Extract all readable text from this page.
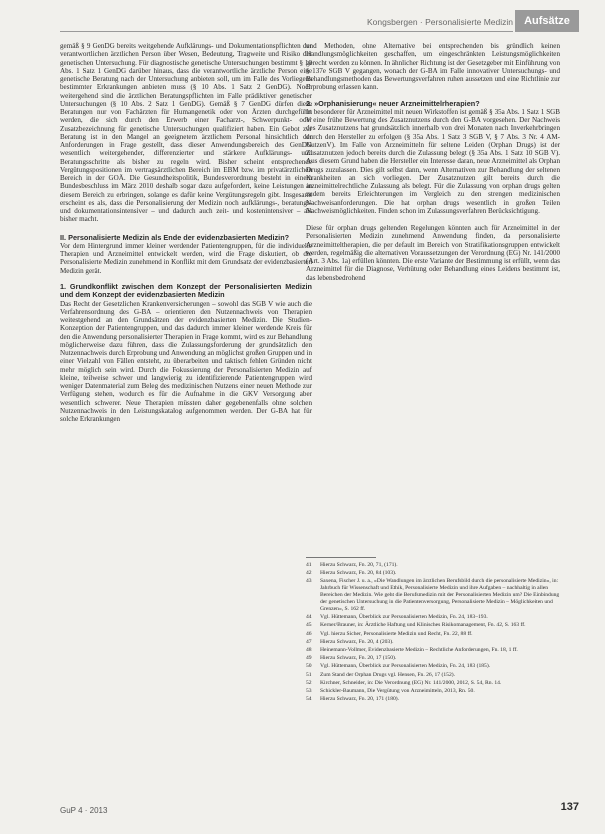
Kongsbergen · Personalisierte Medizin	Aufsätze

gemäß § 9 GenDG bereits weitgehende Aufklärungs- und Dokumentationspflichten der verantwortlichen ärztlichen Person über Wesen, Bedeutung, Tragweite und Risiko der genetischen Untersuchung. Für diagnostische genetische Untersuchungen bestimmt § 10 Abs. 1 Satz 1 GenDG darüber hinaus, dass die verantwortliche ärztliche Person eine genetische Beratung nach der Untersuchung anbieten soll, um im Falle des Vorliegens bestimmter Erkrankungen anbieten muss (§ 10 Abs. 1 Satz 2 GenDG). Noch weitergehend sind die ärztlichen Beratungspflichten im Falle prädiktiver genetischer Untersuchungen (§ 10 Abs. 2 Satz 1 GenDG). Gemäß § 7 GenDG dürfen diese Beratungen nur von Fachärzten für Humangenetik oder von Ärzten durchgeführt werden, die sich durch den Erwerb einer Facharzt-, Schwerpunkt- oder Zusatzbezeichnung für genetische Untersuchungen qualifiziert haben. Ein Gebot zur Beratung ist in den Mangel an geeignetem ärztlichem Personal hinsichtlich der Anforderungen in Frage gestellt, dass dieser Anwendungsbereich des GenDG wesentlich weitergehender, differenzierter und stärkere Aufklärungs- und Beratungsschritte als bisher zu regeln wird. Bisher scheint entsprechende Vergütungspositionen im vertragsärztlichen Bereich im EBM bzw. im privatärztlichen Bereich in der GOÄ. Die Gesundheitspolitik, Bundesverordnung besteht in einem Bundesbeschluss im März 2010 deshalb sogar dazu aufgefordert, keine Leistungen in diesem Bereich zu erbringen, solange es dafür keine Vergütungsregeln gibt. Insgesamt erscheint es als, dass die Personalisierung der Medizin noch aufklärungs-, beratungs- und dokumentationsintensiver – und dadurch auch zeit- und kostenintensiver – als bisher macht.

II. Personalisierte Medizin als Ende der evidenzbasierten Medizin?

Vor dem Hintergrund immer kleiner werdender Patientengruppen, für die individuelle Therapien und Arzneimittel entwickelt werden, wird die Frage diskutiert, ob die Personalisierte Medizin zunehmend in Konflikt mit dem Grundsatz der evidenzbasierten Medizin gerät.

1. Grundkonflikt zwischen dem Konzept der Personalisierten Medizin und dem Konzept der evidenzbasierten Medizin

Das Recht der Gesetzlichen Krankenversicherungen – sowohl das SGB V wie auch die Verfahrensordnung des G-BA – orientieren den Nutzennachweis von Therapien weitestgehend an den Grundsätzen der evidenzbasierten Medizin. Die Studien-Konzeption der Patientengruppen, und das dadurch immer kleiner werdende Kreis für den die Anwendung personalisierter Therapien in Frage kommt, wird es zur Behandlung möglicherweise dazu führen, dass die Zulassungsforderung der grundsätzlich den Nutzennachweis durch Erprobung und Anwendung an möglichst großen Gruppen und in einer Vielzahl von Fällen entsteht, zu überarbeiten und taktisch fehlen Gründen nicht mehr möglich sein wird. Durch die Fokussierung der Personalisierten Medizin auf kleine, teilweise schwer und langwierig zu identifizierende Patientengruppen wird weniger Datenmaterial zum Beleg des medizinischen Nutzens einer neuen Methode zur Verfügung stehen, wodurch es für die Aufnahme in die GKV Versorgung aber wesentlich schwerer. Neue Therapien müssten daher gegebenenfalls ohne solchen Nutzennachweis in den Leistungskatalog aufgenommen werden. Der G-BA hat für solche Erkrankungen

und Methoden, ohne Alternative bei entsprechenden bis gründlich keinen Handlungsmöglichkeiten geschaffen, um eingeschränkten Leistungsmöglichkeiten gerecht werden zu können. In ähnlicher Richtung ist der Gesetzgeber mit Einführung von § 137e SGB V gegangen, wonach der G-BA im Falle innovativer Untersuchungs- und Behandlungsmethoden das Bewertungsverfahren ruhen aussetzen und eine Richtlinie zur Erprobung erlassen kann.

2. »Orphanisierung« neuer Arzneimittelrherapien?

In besonderer für Arzneimittel mit neuen Wirkstoffen ist gemäß § 35a Abs. 1 Satz 1 SGB V eine frühe Bewertung des Zusatznutzens durch den G-BA vorgesehen. Der Nachweis des Zusatznutzens hat grundsätzlich innerhalb von drei Monaten nach Inverkehrbringen durch den Hersteller zu erfolgen (§ 35a Abs. 1 Satz 3 SGB V, § 7 Abs. 3 Nr. 4 AM-NutzenV). Im Falle von Arzneimitteln für seltene Leiden (Orphan Drugs) ist der Zusatznutzen jedoch bereits durch die Zulassung belegt (§ 35a Abs. 1 Satz 10 SGB V). Aus diesem Grund haben die Hersteller ein Interesse daran, neue Arzneimittel als Orphan Drugs zuzulassen. Dies gilt selbst dann, wenn Alternativen zur Behandlung der seltenen Krankheiten an sich vorliegen. Der Zusatznutzen gilt bereits durch die arzneimittelrechtliche Zulassung als belegt. Für die Zulassung von orphan drugs gelten zudem bereits Erleichterungen im Vergleich zu den strengen medizinischen Nachweisanforderungen. Die hat orphan drugs wesentlich in großen Teilen Nachweismöglichkeiten. Finden schon im Zulassungsverfahren Berücksichtigung.

Diese für orphan drugs geltenden Regelungen könnten auch für Arzneimittel in der Personalisierten Medizin zunehmend Anwendung finden, da personalisierte Arzneimitteltherapien, die per default im Bereich von Stratifikationsgruppen entwickelt werden, regelmäßig die alternativen Voraussetzungen der Verordnung (EG) Nr. 141/2000 (Art. 3 Abs. 1a) erfüllen könnten. Die erste Variante der Bestimmung ist erfüllt, wenn das Arzneimittel für die Diagnose, Verhütung oder Behandlung eines Leidens bestimmt ist, das lebensbedrohend

41	Hierzu Schwarz, Fn. 20, 71, (171).
42	Hierzu Schwarz, Fn. 20, 84 (103).
43	Saxena, Fischer J. u. a., »Die Wandlungen im ärztlichen Berufsbild durch die personalisierte Medizin«, in: Jahrbuch für Wissenschaft und Ethik, Personalisierte Medizin und ihre Aufgaben – nachhaltig in allen Bereichen der Medizin. Wie geht die Berufsmedizin mit der Personalisierten Medizin um? Die Einbindung der genetischen Untersuchung in die Patientenversorgung, Personalisierte Medizin – Möglichkeiten und Grenzen«, S. 162 ff.
44	Vgl. Hüttemann, Überblick zur Personalisierten Medizin, Fn. 24, 183–193.
45	Kerner/Brauner, in: Ärztliche Haftung und Klinisches Risikomanagement, Fn. 42, S. 163 ff.
46	Vgl. hierzu Sicher, Personalisierte Medizin und Recht, Fn. 22, 88 ff.
47	Hierzu Schwarz, Fn. 20, 4 (203).
48	Heinemann-Vollmer, Evidenzbasierte Medizin – Rechtliche Anforderungen, Fn. 18, 1 ff.
49	Hierzu Schwarz, Fn. 20, 17 (150).
50	Vgl. Hüttemann, Überblick zur Personalisierten Medizin, Fn. 24, 183 (185).
51	Zum Stand der Orphan Drugs vgl. Hensen, Fn. 26, 17 (152).
52	Kirchner, Schneider, in: Die Verordnung (EG) Nr. 141/2000, 2012, S. 54, Rn. 14.
53	Schickler-Baumann, Die Vergütung von Arzneimitteln, 2013, Rn. 50.
54	Hierzu Schwarz, Fn. 20, 171 (180).
GuP 4 · 2013	137
